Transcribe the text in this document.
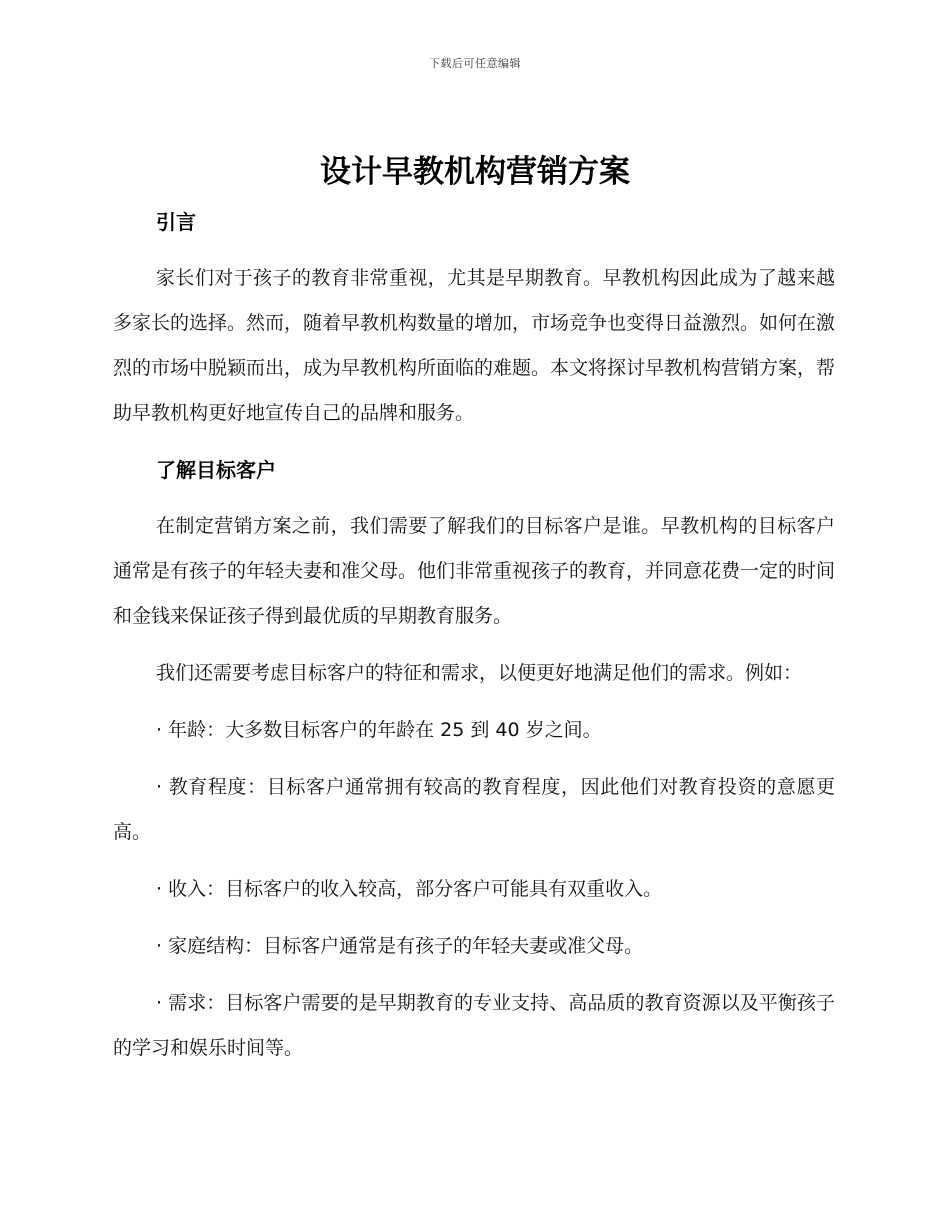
下载后可任意编辑
设计早教机构营销方案
引言

家长们对于孩子的教育非常重视，尤其是早期教育。早教机构因此成为了越来越多家长的选择。然而，随着早教机构数量的增加，市场竞争也变得日益激烈。如何在激烈的市场中脱颖而出，成为早教机构所面临的难题。本文将探讨早教机构营销方案，帮助早教机构更好地宣传自己的品牌和服务。

了解目标客户

在制定营销方案之前，我们需要了解我们的目标客户是谁。早教机构的目标客户通常是有孩子的年轻夫妻和准父母。他们非常重视孩子的教育，并同意花费一定的时间和金钱来保证孩子得到最优质的早期教育服务。

我们还需要考虑目标客户的特征和需求，以便更好地满足他们的需求。例如：

· 年龄：大多数目标客户的年龄在 25 到 40 岁之间。

· 教育程度：目标客户通常拥有较高的教育程度，因此他们对教育投资的意愿更高。

· 收入：目标客户的收入较高，部分客户可能具有双重收入。

· 家庭结构：目标客户通常是有孩子的年轻夫妻或准父母。

· 需求：目标客户需要的是早期教育的专业支持、高品质的教育资源以及平衡孩子的学习和娱乐时间等。
